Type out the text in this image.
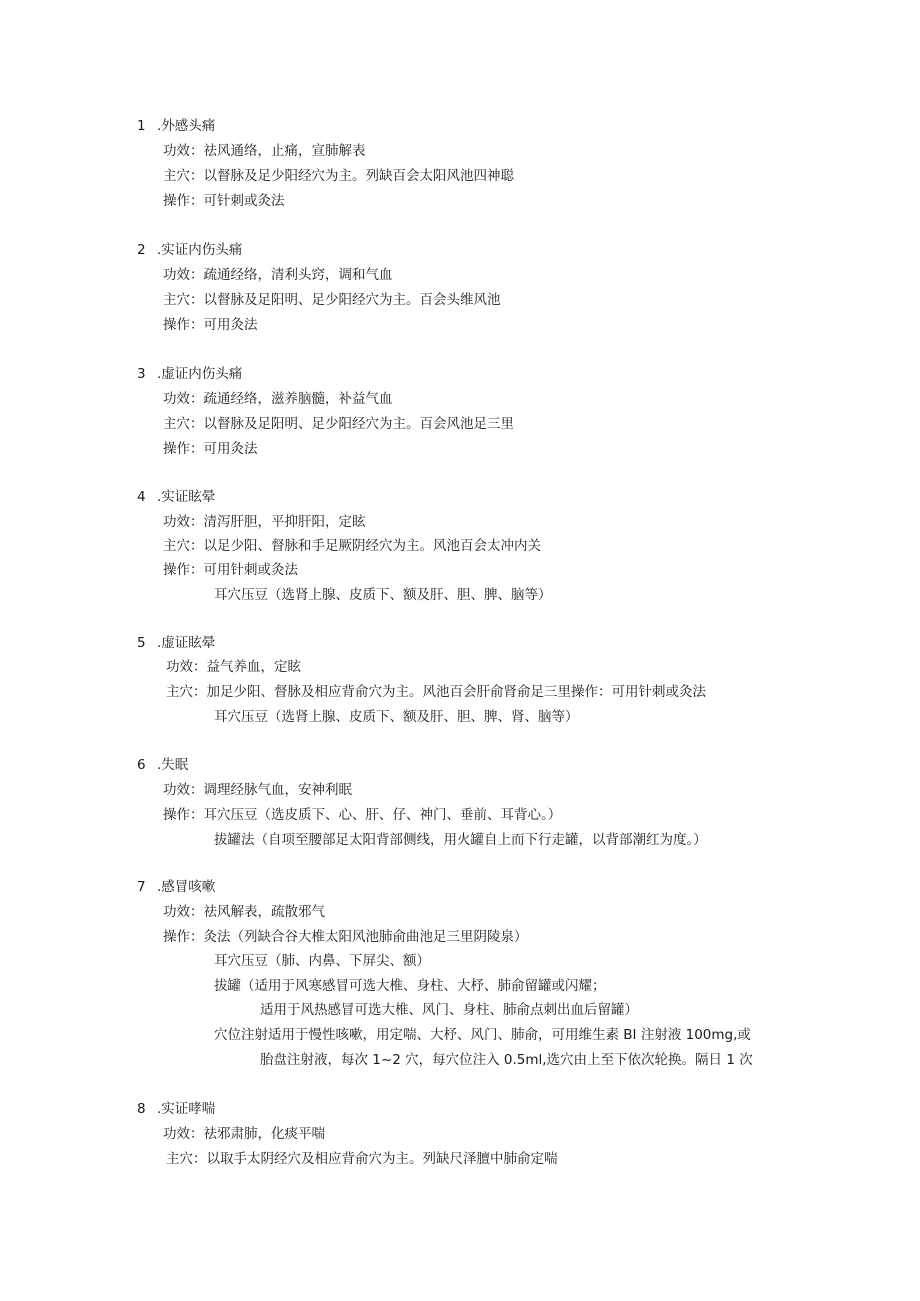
1 .外感头痛
功效：祛风通络，止痛，宣肺解表
主穴：以督脉及足少阳经穴为主。列缺百会太阳风池四神聪
操作：可针刺或灸法
2 .实证内伤头痛
功效：疏通经络，清利头窍，调和气血
主穴：以督脉及足阳明、足少阳经穴为主。百会头维风池
操作：可用灸法
3 .虚证内伤头痛
功效：疏通经络，滋养脑髓，补益气血
主穴：以督脉及足阳明、足少阳经穴为主。百会风池足三里
操作：可用灸法
4 .实证眩晕
功效：清泻肝胆，平抑肝阳，定眩
主穴：以足少阳、督脉和手足厥阴经穴为主。风池百会太冲内关
操作：可用针刺或灸法
耳穴压豆（选肾上腺、皮质下、额及肝、胆、脾、脑等）
5 .虚证眩晕
功效：益气养血，定眩
主穴：加足少阳、督脉及相应背俞穴为主。风池百会肝俞肾俞足三里操作：可用针刺或灸法
耳穴压豆（选肾上腺、皮质下、额及肝、胆、脾、肾、脑等）
6 .失眠
功效：调理经脉气血，安神利眠
操作：耳穴压豆（选皮质下、心、肝、仔、神门、垂前、耳背心。）
拔罐法（自项至腰部足太阳背部侧线，用火罐自上而下行走罐，以背部潮红为度。）
7 .感冒咳嗽
功效：祛风解表，疏散邪气
操作：灸法（列缺合谷大椎太阳风池肺俞曲池足三里阴陵泉）
耳穴压豆（肺、内鼻、下屏尖、额）
拔罐（适用于风寒感冒可选大椎、身柱、大杼、肺俞留罐或闪耀；
适用于风热感冒可选大椎、风门、身柱、肺俞点刺出血后留罐）
穴位注射适用于慢性咳嗽，用定喘、大杼、风门、肺俞，可用维生素 BI 注射液 100mg,或
胎盘注射液，每次 1~2 穴，每穴位注入 0.5ml,选穴由上至下依次轮换。隔日 1 次
8 .实证哮喘
功效：祛邪肃肺，化痰平喘
主穴：以取手太阴经穴及相应背俞穴为主。列缺尺泽膻中肺俞定喘
